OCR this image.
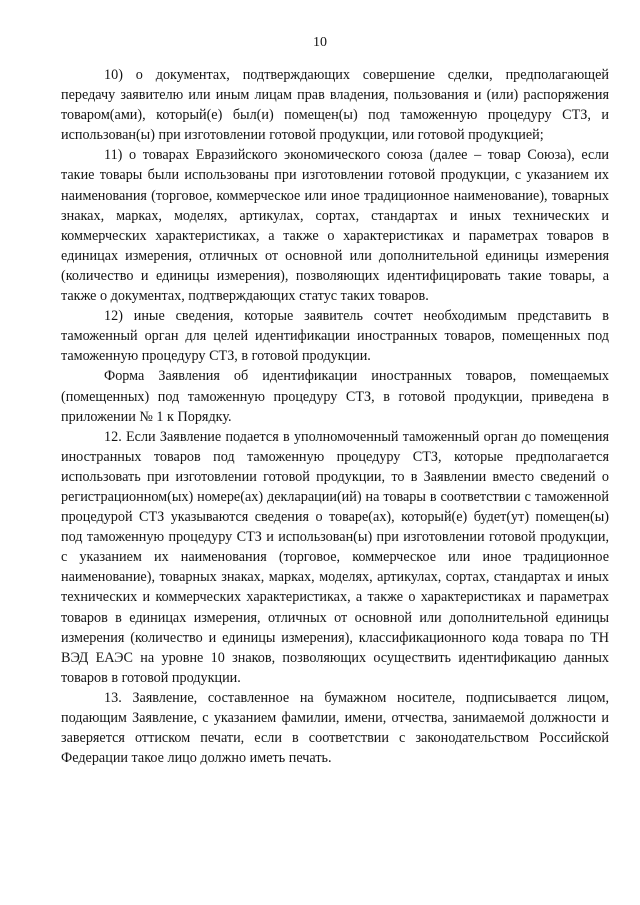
10

10) о документах, подтверждающих совершение сделки, предполагающей передачу заявителю или иным лицам прав владения, пользования и (или) распоряжения товаром(ами), который(е) был(и) помещен(ы) под таможенную процедуру СТЗ, и использован(ы) при изготовлении готовой продукции, или готовой продукцией;

11) о товарах Евразийского экономического союза (далее – товар Союза), если такие товары были использованы при изготовлении готовой продукции, с указанием их наименования (торговое, коммерческое или иное традиционное наименование), товарных знаках, марках, моделях, артикулах, сортах, стандартах и иных технических и коммерческих характеристиках, а также о характеристиках и параметрах товаров в единицах измерения, отличных от основной или дополнительной единицы измерения (количество и единицы измерения), позволяющих идентифицировать такие товары, а также о документах, подтверждающих статус таких товаров.

12) иные сведения, которые заявитель сочтет необходимым представить в таможенный орган для целей идентификации иностранных товаров, помещенных под таможенную процедуру СТЗ, в готовой продукции.

Форма Заявления об идентификации иностранных товаров, помещаемых (помещенных) под таможенную процедуру СТЗ, в готовой продукции, приведена в приложении № 1 к Порядку.

12. Если Заявление подается в уполномоченный таможенный орган до помещения иностранных товаров под таможенную процедуру СТЗ, которые предполагается использовать при изготовлении готовой продукции, то в Заявлении вместо сведений о регистрационном(ых) номере(ах) декларации(ий) на товары в соответствии с таможенной процедурой СТЗ указываются сведения о товаре(ах), который(е) будет(ут) помещен(ы) под таможенную процедуру СТЗ и использован(ы) при изготовлении готовой продукции, с указанием их наименования (торговое, коммерческое или иное традиционное наименование), товарных знаках, марках, моделях, артикулах, сортах, стандартах и иных технических и коммерческих характеристиках, а также о характеристиках и параметрах товаров в единицах измерения, отличных от основной или дополнительной единицы измерения (количество и единицы измерения), классификационного кода товара по ТН ВЭД ЕАЭС на уровне 10 знаков, позволяющих осуществить идентификацию данных товаров в готовой продукции.

13. Заявление, составленное на бумажном носителе, подписывается лицом, подающим Заявление, с указанием фамилии, имени, отчества, занимаемой должности и заверяется оттиском печати, если в соответствии с законодательством Российской Федерации такое лицо должно иметь печать.
